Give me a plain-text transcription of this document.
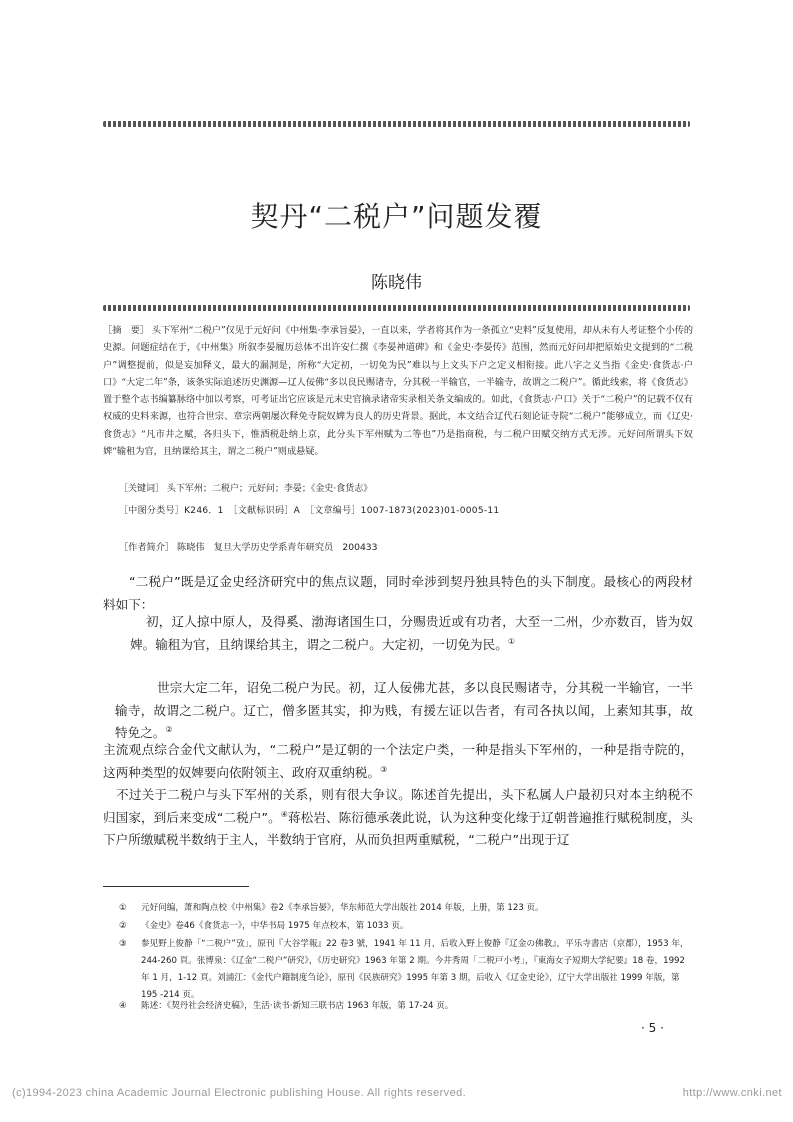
契丹“二税户”问题发覆
陈晓伟
［摘　要］ 头下军州“二税户”仅见于元好问《中州集·李承旨晏》，一直以来，学者将其作为一条孤立“史料”反复使用，却从未有人考证整个小传的史源。问题症结在于，《中州集》所叙李晏履历总体不出许安仁撰《李晏神道碑》和《金史·李晏传》范围，然而元好问却把原始史文提到的“二税户”调整提前，似是妄加释义，最大的漏洞是，所称“大定初，一切免为民”难以与上文头下户之定义相衔接。此八字之义当指《金史·食货志·户口》“大定二年”条，该条实际追述历史渊源—辽人佞佛“多以良民赐诸寺，分其税一半输官，一半输寺，故谓之二税户”。循此线索，将《食货志》置于整个志书编纂脉络中加以考察，可考证出它应该是元末史官摘录诸帝实录相关条文编成的。如此，《食货志·户口》关于“二税户”的记载不仅有权威的史料来源，也符合世宗、章宗两朝屡次释免寺院奴婢为良人的历史背景。据此，本文结合辽代石刻论证寺院“二税户”能够成立，而《辽史·食货志》“凡市井之赋，各归头下，惟酒税赴纳上京，此分头下军州赋为二等也”乃是指商税，与二税户田赋交纳方式无涉。元好问所谓头下奴婢“输租为官，且纳课给其主，谓之二税户”则成悬疑。
［关键词］ 头下军州；二税户；元好问；李晏；《金史·食货志》
［中图分类号］K246．1　［文献标识码］A　［文章编号］1007-1873(2023)01-0005-11
［作者简介］ 陈晓伟　复旦大学历史学系青年研究员　200433
“二税户”既是辽金史经济研究中的焦点议题，同时牵涉到契丹独具特色的头下制度。最核心的两段材料如下：
初，辽人掠中原人，及得奚、渤海诸国生口，分赐贵近或有功者，大至一二州，少亦数百，皆为奴婢。输租为官，且纳课给其主，谓之二税户。大定初，一切免为民。①
世宗大定二年，诏免二税户为民。初，辽人佞佛尤甚，多以良民赐诸寺，分其税一半输官，一半输寺，故谓之二税户。辽亡，僧多匿其实，抑为贱，有援左证以告者，有司各执以闻，上素知其事，故特免之。②
主流观点综合金代文献认为，“二税户”是辽朝的一个法定户类，一种是指头下军州的，一种是指寺院的，这两种类型的奴婢要向依附领主、政府双重纳税。③
不过关于二税户与头下军州的关系，则有很大争议。陈述首先提出，头下私属人户最初只对本主纳税不归国家，到后来变成“二税户”。④蒋松岩、陈衍德承袭此说，认为这种变化缘于辽朝普遍推行赋税制度，头下户所缴赋税半数纳于主人，半数纳于官府，从而负担两重赋税，“二税户”出现于辽
①	元好问编，萧和陶点校《中州集》卷2《李承旨晏》，华东师范大学出版社 2014 年版，上册，第 123 页。
②	《金史》卷46《食货志一》，中华书局 1975 年点校本，第 1033 页。
③	参见野上俊静「“二税户”攷」，原刊『大谷学報』22 卷3 號，1941 年 11 月，后收入野上俊静『辽金の佛教』，平乐寺書店（京都），1953 年，244-260 頁。张博泉：《辽金“二税户”研究》，《历史研究》1963 年第 2 期。今井秀周「二税戸小考」，『東海女子短期大学紀要』18 卷，1992 年 1 月，1-12 頁。刘浦江：《金代户籍制度刍论》，原刊《民族研究》1995 年第 3 期，后收入《辽金史论》，辽宁大学出版社 1999 年版，第 195 -214 页。
④	陈述：《契丹社会经济史稿》，生活·读书·新知三联书店 1963 年版，第 17-24 页。
· 5 ·
(c)1994-2023 china Academic Journal Electronic publishing House. All rights reserved.	http://www.cnki.net
